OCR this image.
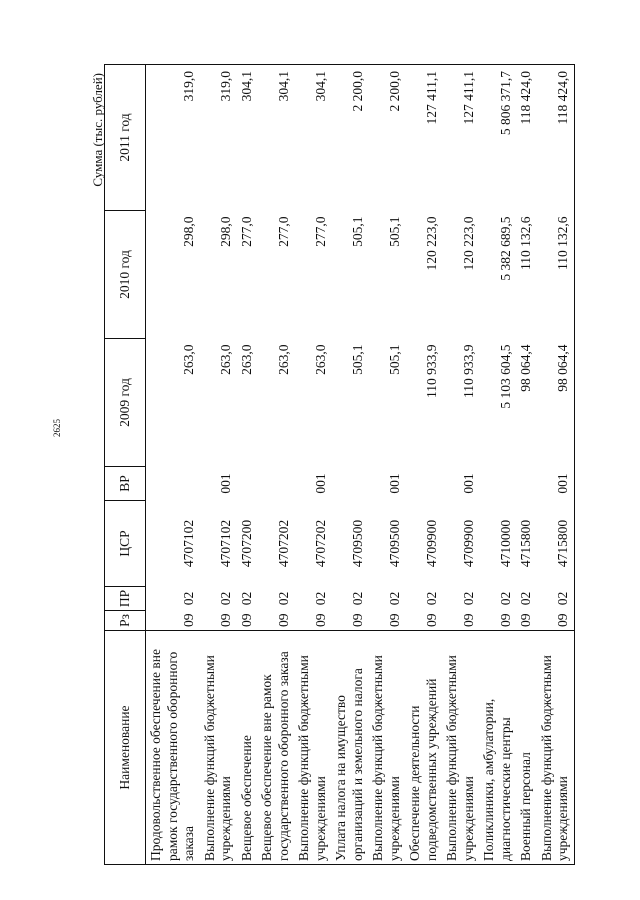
2625
Сумма (тыс. рублей)
Наименование	Рз	ПР	ЦСР	ВР	2009 год	2010 год	2011 год
Продовольственное обеспечение вне рамок государственного оборонного заказа	09	02	4707102		263,0	298,0	319,0
Выполнение функций бюджетными учреждениями	09	02	4707102	001	263,0	298,0	319,0
Вещевое обеспечение	09	02	4707200		263,0	277,0	304,1
Вещевое обеспечение вне рамок государственного оборонного заказа	09	02	4707202		263,0	277,0	304,1
Выполнение функций бюджетными учреждениями	09	02	4707202	001	263,0	277,0	304,1
Уплата налога на имущество организаций и земельного налога	09	02	4709500		505,1	505,1	2 200,0
Выполнение функций бюджетными учреждениями	09	02	4709500	001	505,1	505,1	2 200,0
Обеспечение деятельности подведомственных учреждений	09	02	4709900		110 933,9	120 223,0	127 411,1
Выполнение функций бюджетными учреждениями	09	02	4709900	001	110 933,9	120 223,0	127 411,1
Поликлиники, амбулатории, диагностические центры	09	02	4710000		5 103 604,5	5 382 689,5	5 806 371,7
Военный персонал	09	02	4715800		98 064,4	110 132,6	118 424,0
Выполнение функций бюджетными учреждениями	09	02	4715800	001	98 064,4	110 132,6	118 424,0
